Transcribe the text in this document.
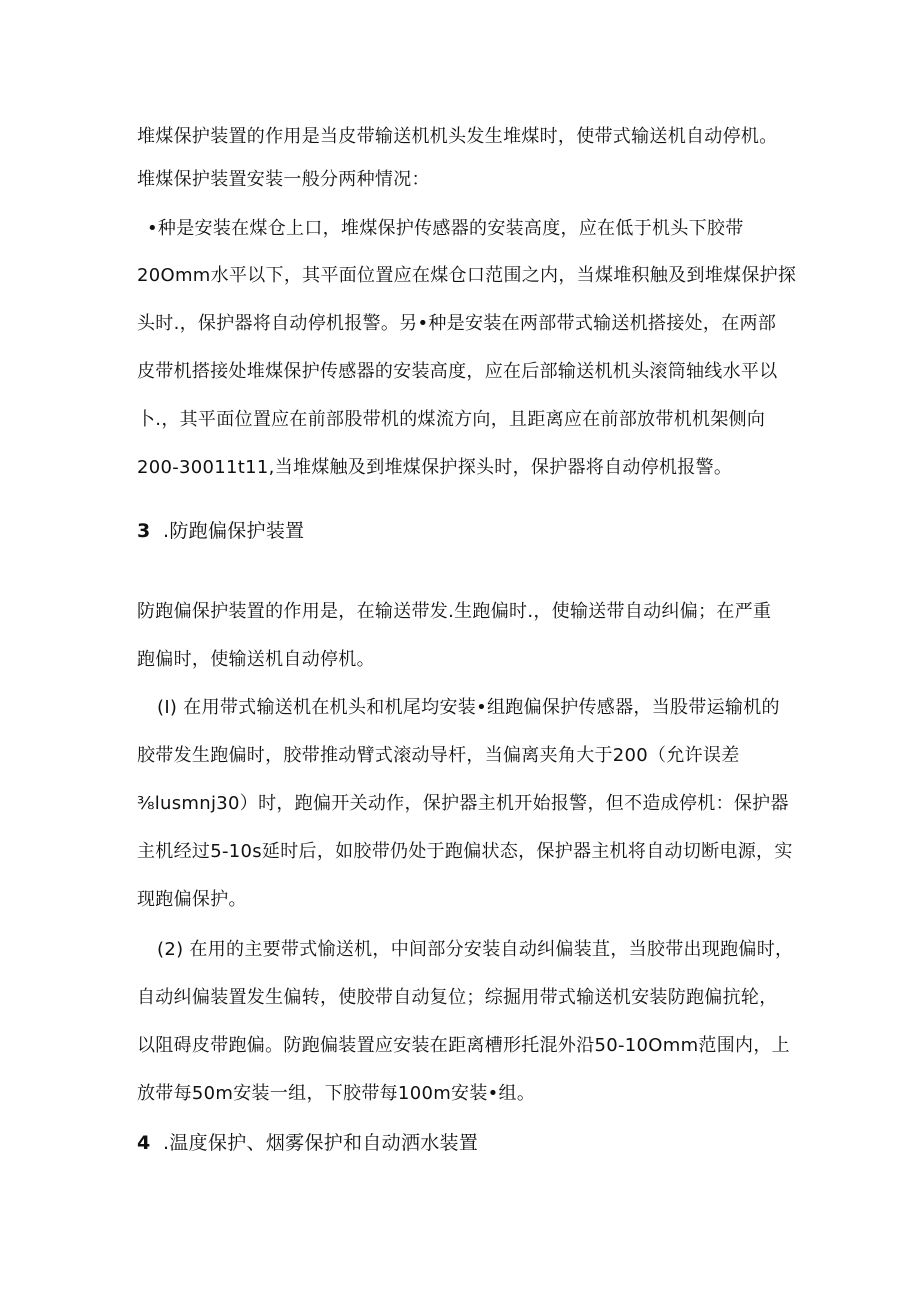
堆煤保护装置的作用是当皮带输送机机头发生堆煤时，使带式输送机自动停机。
堆煤保护装置安装一般分两种情况：
•种是安装在煤仓上口，堆煤保护传感器的安装高度，应在低于机头下胶带
20Omm水平以下，其平面位置应在煤仓口范围之内，当煤堆积触及到堆煤保护探
头时.，保护器将自动停机报警。另•种是安装在两部带式输送机搭接处，在两部
皮带机搭接处堆煤保护传感器的安装高度，应在后部输送机机头滚筒轴线水平以
卜.，其平面位置应在前部股带机的煤流方向，且距离应在前部放带机机架侧向
200-30011t11,当堆煤触及到堆煤保护探头时，保护器将自动停机报警。
3 .防跑偏保护装置
防跑偏保护装置的作用是，在输送带发.生跑偏时.，使输送带自动纠偏；在严重
跑偏时，使输送机自动停机。
(I) 在用带式输送机在机头和机尾均安装•组跑偏保护传感器，当股带运输机的
胶带发生跑偏时，胶带推动臂式滚动导杆，当偏离夹角大于200（允许误差
⅜lusmnj30）时，跑偏开关动作，保护器主机开始报警，但不造成停机：保护器
主机经过5-10s延时后，如胶带仍处于跑偏状态，保护器主机将自动切断电源，实
现跑偏保护。
(2) 在用的主要带式愉送机，中间部分安装自动纠偏装苴，当胶带出现跑偏时，
自动纠偏装置发生偏转，使胶带自动复位；综掘用带式输送机安装防跑偏抗轮，
以阻碍皮带跑偏。防跑偏装置应安装在距离槽形托混外沿50-10Omm范围内，上
放带每50m安装一组，下胶带每100m安装•组。
4 .温度保护、烟雾保护和自动洒水装置
